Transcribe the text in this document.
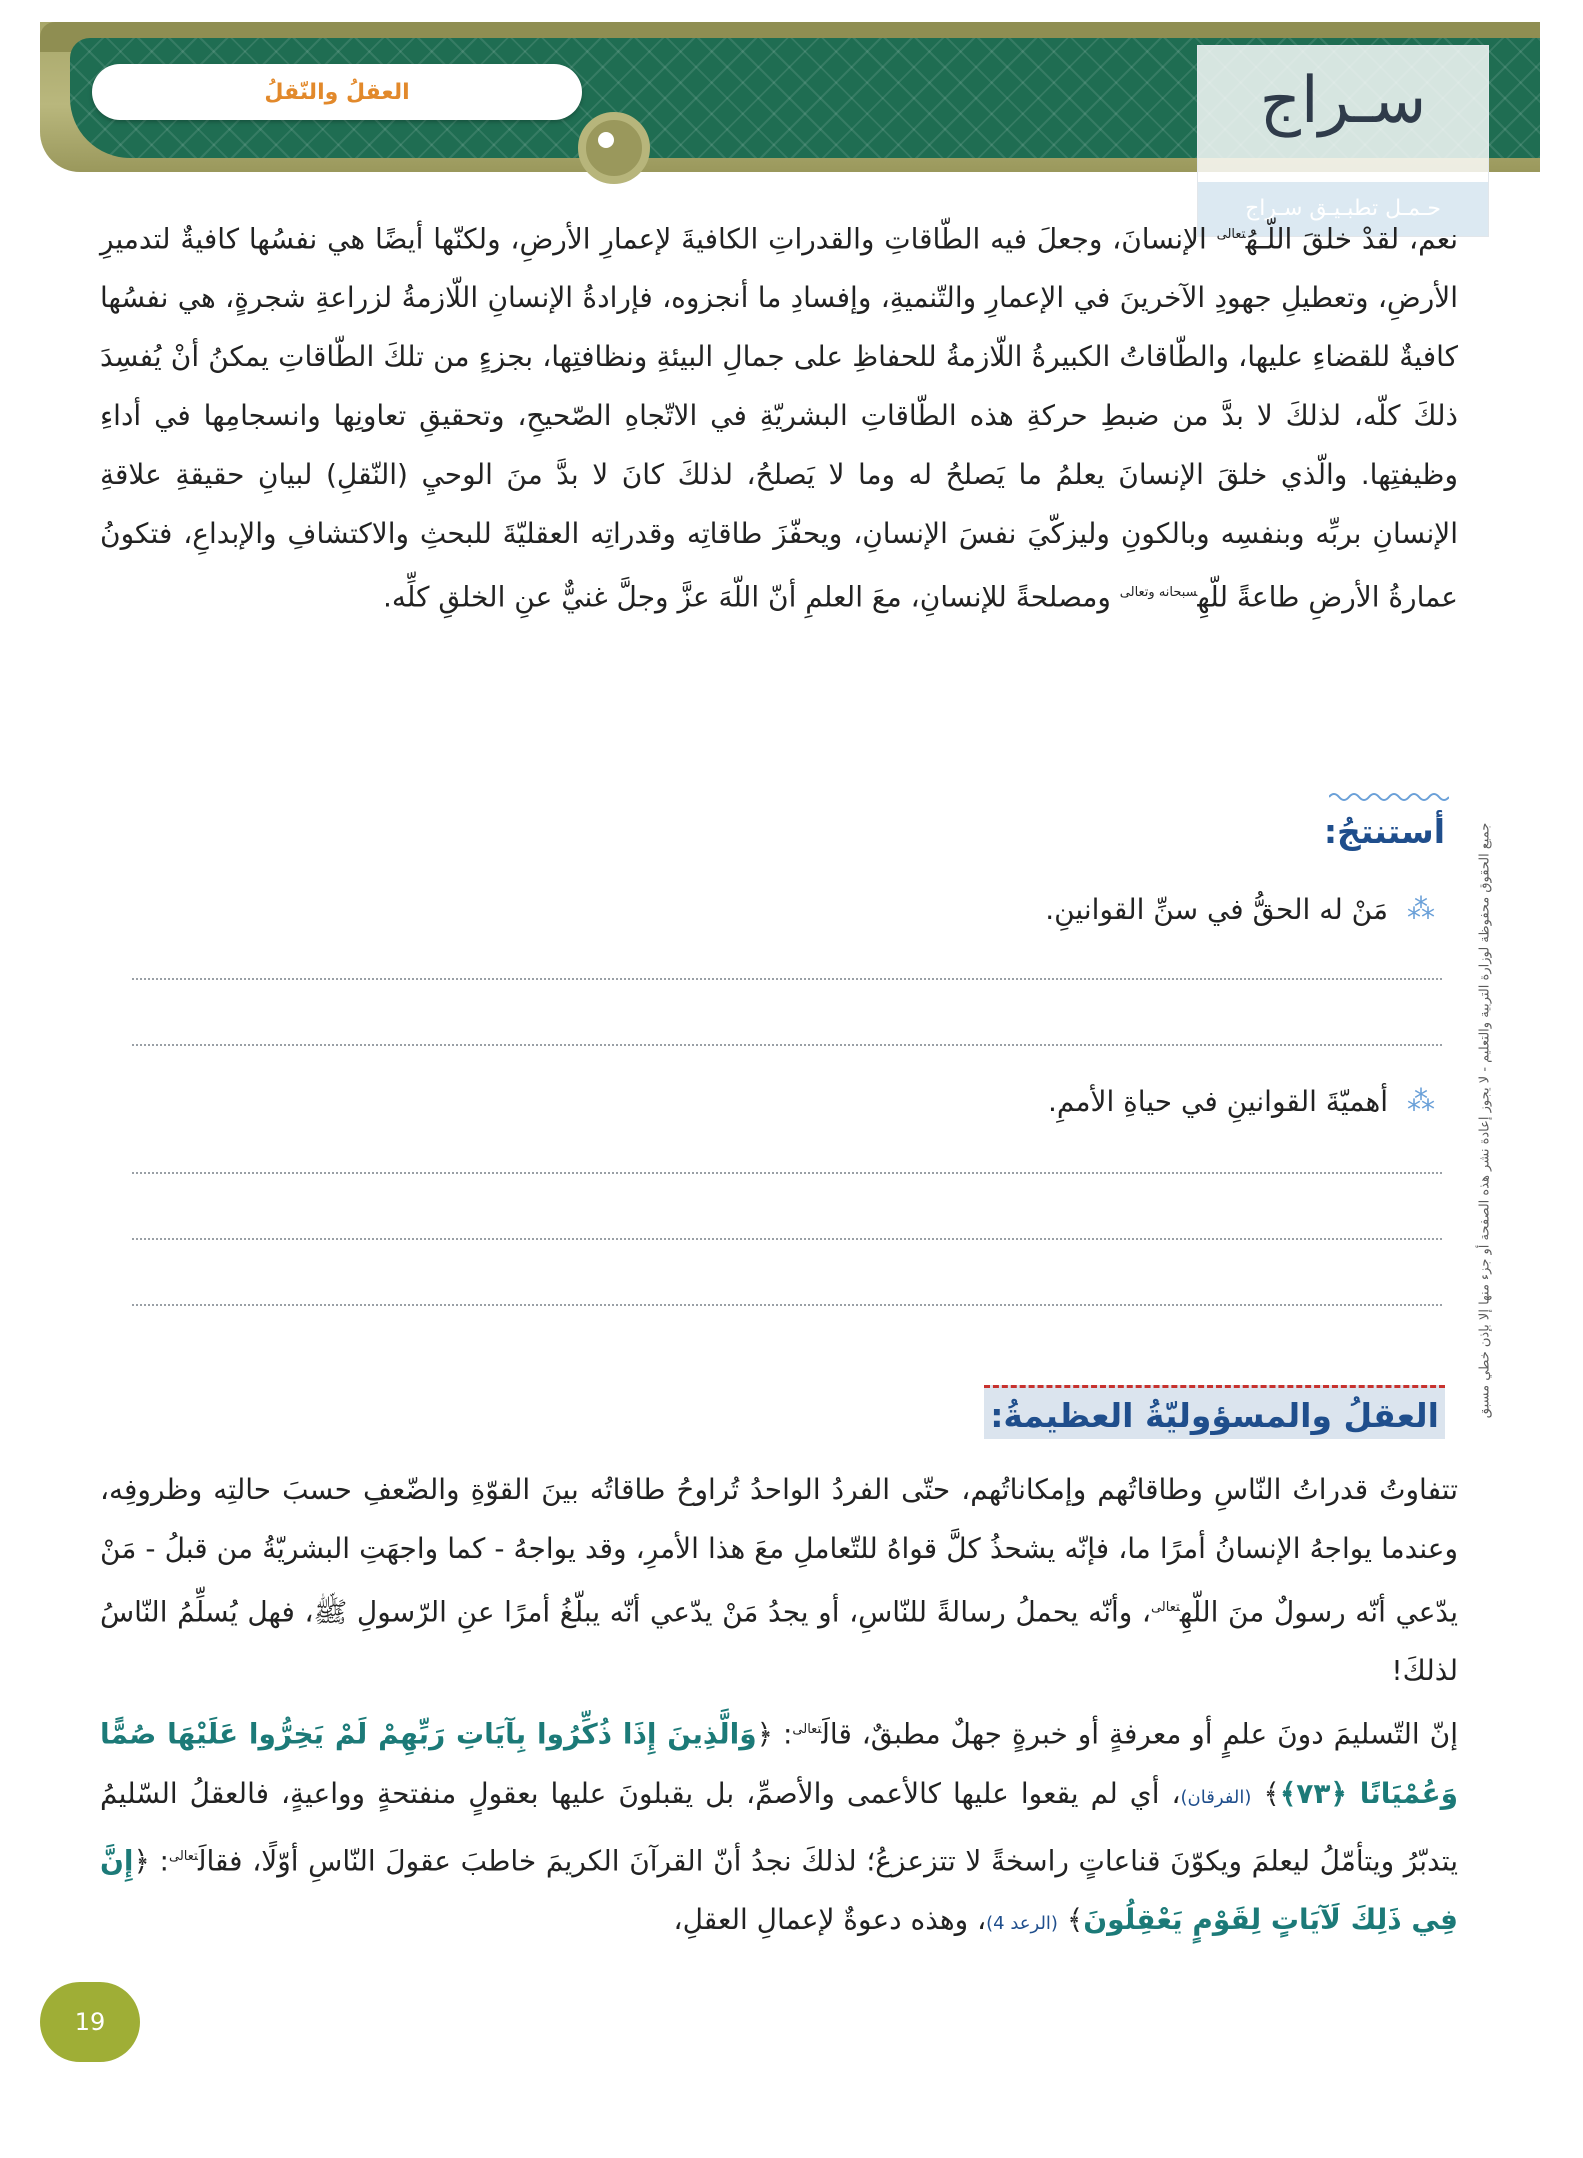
العقلُ والنّقلُ	سـراج
حـمـل تطبـيـق سـراج
نعم، لقدْ خلقَ اللّـهُ$^{تعالى}$ الإنسانَ، وجعلَ فيه الطّاقاتِ والقدراتِ الكافيةَ لإعمارِ الأرضِ، ولكنّها أيضًا هي نفسُها كافيةٌ لتدميرِ الأرضِ، وتعطيلِ جهودِ الآخرينَ في الإعمارِ والتّنميةِ، وإفسادِ ما أنجزوه، فإرادةُ الإنسانِ اللّازمةُ لزراعةِ شجرةٍ، هي نفسُها كافيةٌ للقضاءِ عليها، والطّاقاتُ الكبيرةُ اللّازمةُ للحفاظِ على جمالِ البيئةِ ونظافتِها، بجزءٍ من تلكَ الطّاقاتِ يمكنُ أنْ يُفسِدَ ذلكَ كلّه، لذلكَ لا بدَّ من ضبطِ حركةِ هذه الطّاقاتِ البشريّةِ في الاتّجاهِ الصّحيحِ، وتحقيقِ تعاونِها وانسجامِها في أداءِ وظيفتِها. والّذي خلقَ الإنسانَ يعلمُ ما يَصلحُ له وما لا يَصلحُ، لذلكَ كانَ لا بدَّ منَ الوحيِ (النّقلِ) لبيانِ حقيقةِ علاقةِ الإنسانِ بربِّه وبنفسِه وبالكونِ وليزكّيَ نفسَ الإنسانِ، ويحفّزَ طاقاتِه وقدراتِه العقليّةَ للبحثِ والاكتشافِ والإبداعِ، فتكونُ عمارةُ الأرضِ طاعةً للّهِ$^{سبحانه وتعالى}$ ومصلحةً للإنسانِ، معَ العلمِ أنّ اللّهَ عزَّ وجلَّ غنيٌّ عنِ الخلقِ كلِّه.
أستنتجُ:
⁂
مَنْ له الحقُّ في سنِّ القوانينِ.
⁂
أهميّةَ القوانينِ في حياةِ الأممِ.
العقلُ والمسؤوليّةُ العظيمةُ:
تتفاوتُ قدراتُ النّاسِ وطاقاتُهم وإمكاناتُهم، حتّى الفردُ الواحدُ تُراوحُ طاقاتُه بينَ القوّةِ والضّعفِ حسبَ حالتِه وظروفِه، وعندما يواجهُ الإنسانُ أمرًا ما، فإنّه يشحذُ كلَّ قواهُ للتّعاملِ معَ هذا الأمرِ، وقد يواجهُ - كما واجهَتِ البشريّةُ من قبلُ - مَنْ يدّعي أنّه رسولٌ منَ اللّهِ$^{تعالى}$، وأنّه يحملُ رسالةً للنّاسِ، أو يجدُ مَنْ يدّعي أنّه يبلّغُ أمرًا عنِ الرّسولِ ﷺ، فهل يُسلِّمُ النّاسُ لذلكَ!
إنّ التّسليمَ دونَ علمٍ أو معرفةٍ أو خبرةٍ جهلٌ مطبقٌ، قالَ$^{تعالى}$: ﴿وَالَّذِينَ إِذَا ذُكِّرُوا بِآيَاتِ رَبِّهِمْ لَمْ يَخِرُّوا عَلَيْهَا صُمًّا وَعُمْيَانًا ﴿٧٣﴾﴾ (الفرقان)، أي لم يقعوا عليها كالأعمى والأصمِّ، بل يقبلونَ عليها بعقولٍ منفتحةٍ وواعيةٍ، فالعقلُ السّليمُ يتدبّرُ ويتأمّلُ ليعلمَ ويكوّنَ قناعاتٍ راسخةً لا تتزعزعُ؛ لذلكَ نجدُ أنّ القرآنَ الكريمَ خاطبَ عقولَ النّاسِ أوّلًا، فقالَ$^{تعالى}$: ﴿إِنَّ فِي ذَلِكَ لَآيَاتٍ لِقَوْمٍ يَعْقِلُونَ﴾ (الرعد 4)، وهذه دعوةٌ لإعمالِ العقلِ،
جميع الحقوق محفوظة لوزارة التربية والتعليم - لا يجوز إعادة نشر هذه الصفحة أو جزء منها إلا بإذن خطي مسبق
19
